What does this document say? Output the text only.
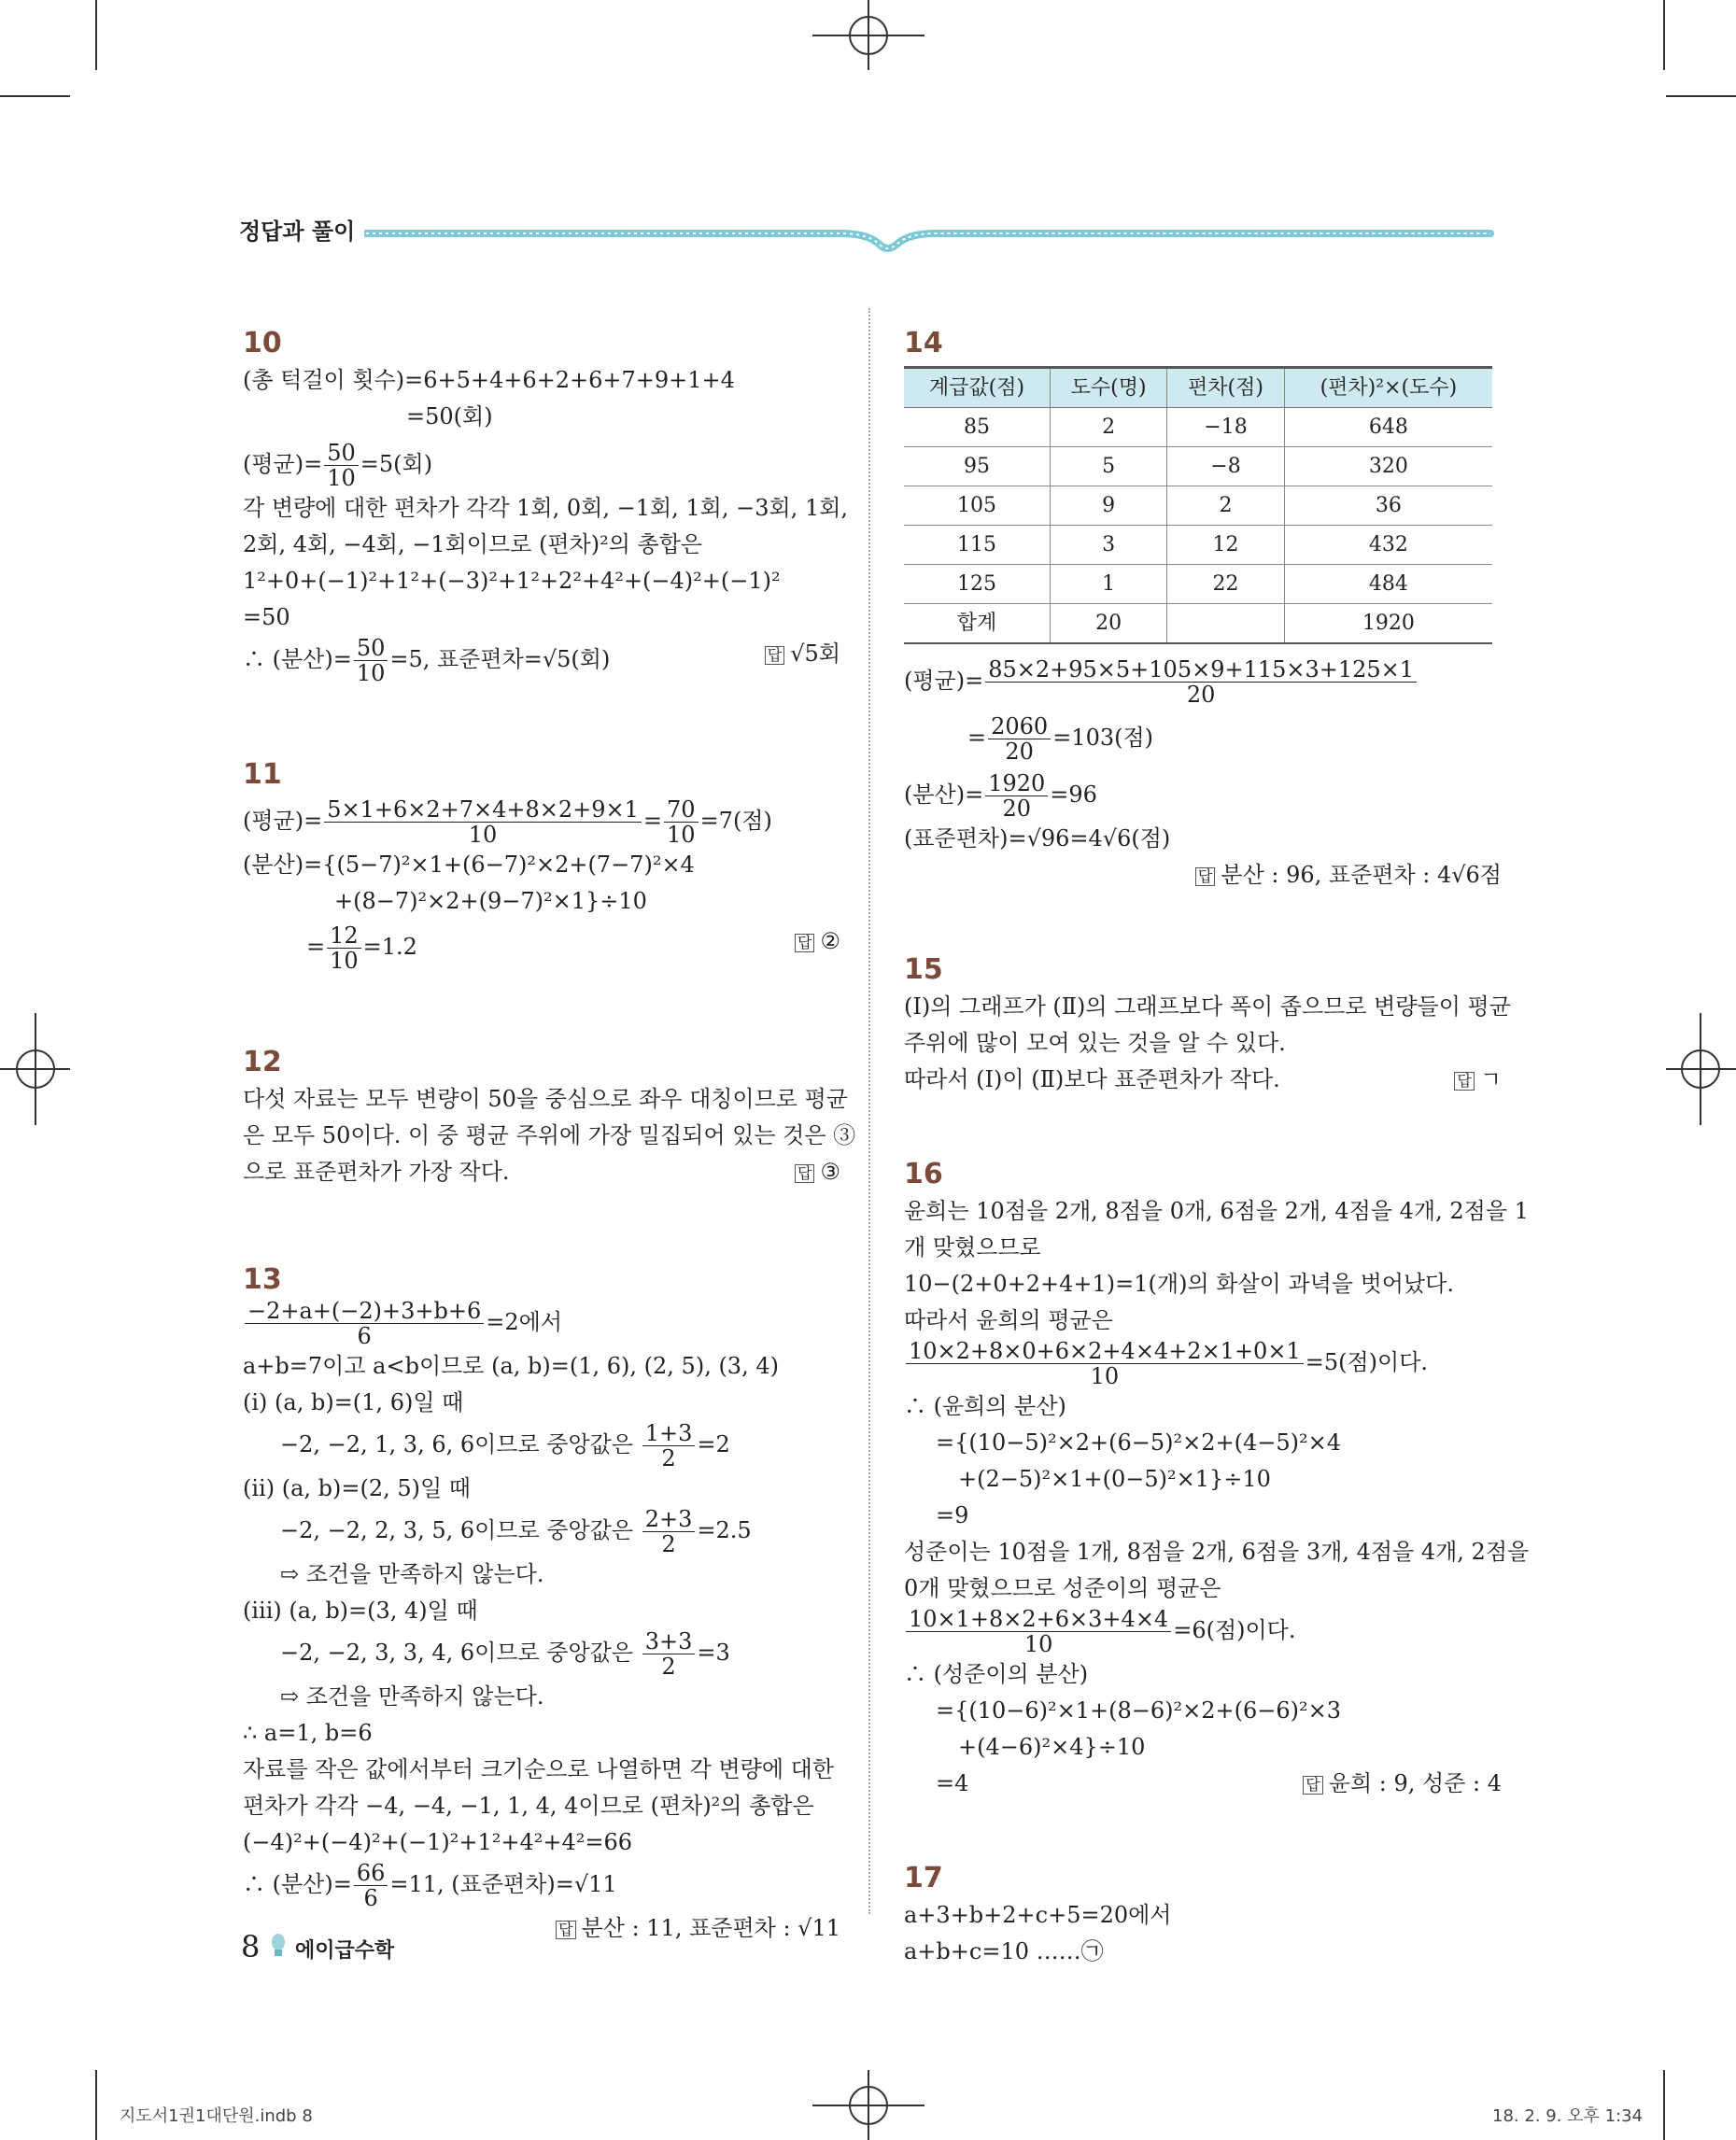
정답과 풀이
10
(총 턱걸이 횟수)=6+5+4+6+2+6+7+9+1+4
=50(회)
(평균)= $\frac{50}{10} =5$(회)
각 변량에 대한 편차가 각각 1회, 0회, −1회, 1회, −3회, 1회,
2회, 4회, −4회, −1회이므로 (편차)²의 총합은
1²+0+(−1)²+1²+(−3)²+1²+2²+4²+(−4)²+(−1)²
=50
∴ (분산)= $\frac{50}{10} =5$, 표준편차=√5(회)	답 √5회
11
(평균)= $\frac{5\times 1+6\times 2+7\times 4+8\times 2+9\times 1}{10} = \frac{70}{10} =7$(점)
(분산)={(5−7)²×1+(6−7)²×2+(7−7)²×4
+(8−7)²×2+(9−7)²×1}÷10
= $\frac{12}{10} =1.2$	답 ②
12
다섯 자료는 모두 변량이 50을 중심으로 좌우 대칭이므로 평균
은 모두 50이다. 이 중 평균 주위에 가장 밀집되어 있는 것은 ③
으로 표준편차가 가장 작다.	답 ③
13
$\frac{-2+a+(-2)+3+b+6}{6} =2$에서
a+b=7이고 a<b이므로 (a, b)=(1, 6), (2, 5), (3, 4)
(ⅰ) (a, b)=(1, 6)일 때
−2, −2, 1, 3, 6, 6이므로 중앙값은 $\frac{1+3}{2} =2$
(ⅱ) (a, b)=(2, 5)일 때
−2, −2, 2, 3, 5, 6이므로 중앙값은 $\frac{2+3}{2} =2.5$
⇨ 조건을 만족하지 않는다.
(ⅲ) (a, b)=(3, 4)일 때
−2, −2, 3, 3, 4, 6이므로 중앙값은 $\frac{3+3}{2} =3$
⇨ 조건을 만족하지 않는다.
∴ a=1, b=6
자료를 작은 값에서부터 크기순으로 나열하면 각 변량에 대한
편차가 각각 −4, −4, −1, 1, 4, 4이므로 (편차)²의 총합은
(−4)²+(−4)²+(−1)²+1²+4²+4²=66
∴ (분산)= $\frac{66}{6} =11$, (표준편차)=√11
답 분산 : 11, 표준편차 : √11
14
계급값(점)	도수(명)	편차(점)	(편차)²×(도수)
85	2	−18	648
95	5	−8	320
105	9	2	36
115	3	12	432
125	1	22	484
합계	20		1920
(평균)= $\frac{85\times 2+95\times 5+105\times 9+115\times 3+125\times 1}{20}$
= $\frac{2060}{20} =103$(점)
(분산)= $\frac{1920}{20} =96$
(표준편차)=√96=4√6(점)
답 분산 : 96, 표준편차 : 4√6점
15
(Ⅰ)의 그래프가 (Ⅱ)의 그래프보다 폭이 좁으므로 변량들이 평균
주위에 많이 모여 있는 것을 알 수 있다.
따라서 (Ⅰ)이 (Ⅱ)보다 표준편차가 작다.	답 ㄱ
16
윤희는 10점을 2개, 8점을 0개, 6점을 2개, 4점을 4개, 2점을 1
개 맞혔으므로
10−(2+0+2+4+1)=1(개)의 화살이 과녁을 벗어났다.
따라서 윤희의 평균은
$\frac{10\times 2+8\times 0+6\times 2+4\times 4+2\times 1+0\times 1}{10} =5$(점)이다.
∴ (윤희의 분산)
={(10−5)²×2+(6−5)²×2+(4−5)²×4
+(2−5)²×1+(0−5)²×1}÷10
=9
성준이는 10점을 1개, 8점을 2개, 6점을 3개, 4점을 4개, 2점을
0개 맞혔으므로 성준이의 평균은
$\frac{10\times 1+8\times 2+6\times 3+4\times 4}{10} =6$(점)이다.
∴ (성준이의 분산)
={(10−6)²×1+(8−6)²×2+(6−6)²×3
+(4−6)²×4}÷10
=4	답 윤희 : 9, 성준 : 4
17
a+3+b+2+c+5=20에서
a+b+c=10 ……㉠
8 에이급수학
지도서1권1대단원.indb 8	18. 2. 9. 오후 1:34
